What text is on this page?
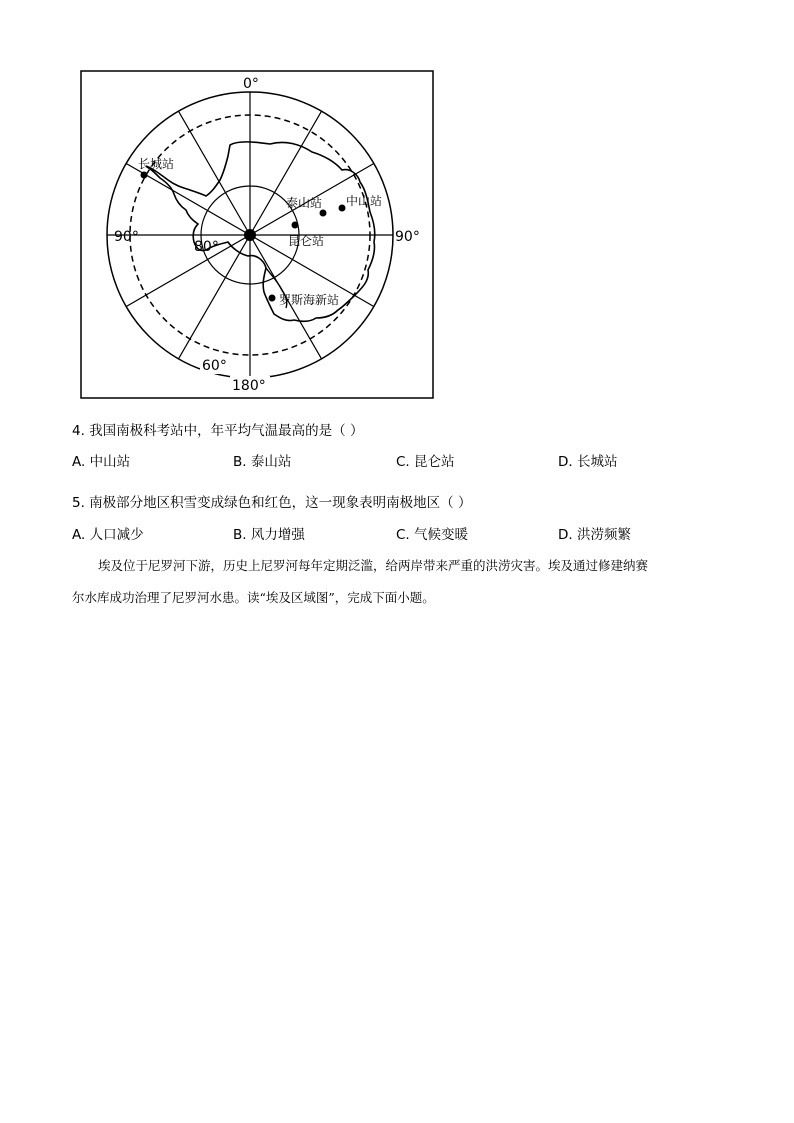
0°
90°	90°
180°
80°
60°
长城站
泰山站 中山站
昆仑站
罗斯海新站
4. 我国南极科考站中，年平均气温最高的是（ ）
A. 中山站	B. 泰山站	C. 昆仑站	D. 长城站
5. 南极部分地区积雪变成绿色和红色，这一现象表明南极地区（ ）
A. 人口减少	B. 风力增强	C. 气候变暖	D. 洪涝频繁
埃及位于尼罗河下游，历史上尼罗河每年定期泛滥，给两岸带来严重的洪涝灾害。埃及通过修建纳赛
尔水库成功治理了尼罗河水患。读“埃及区域图”，完成下面小题。
